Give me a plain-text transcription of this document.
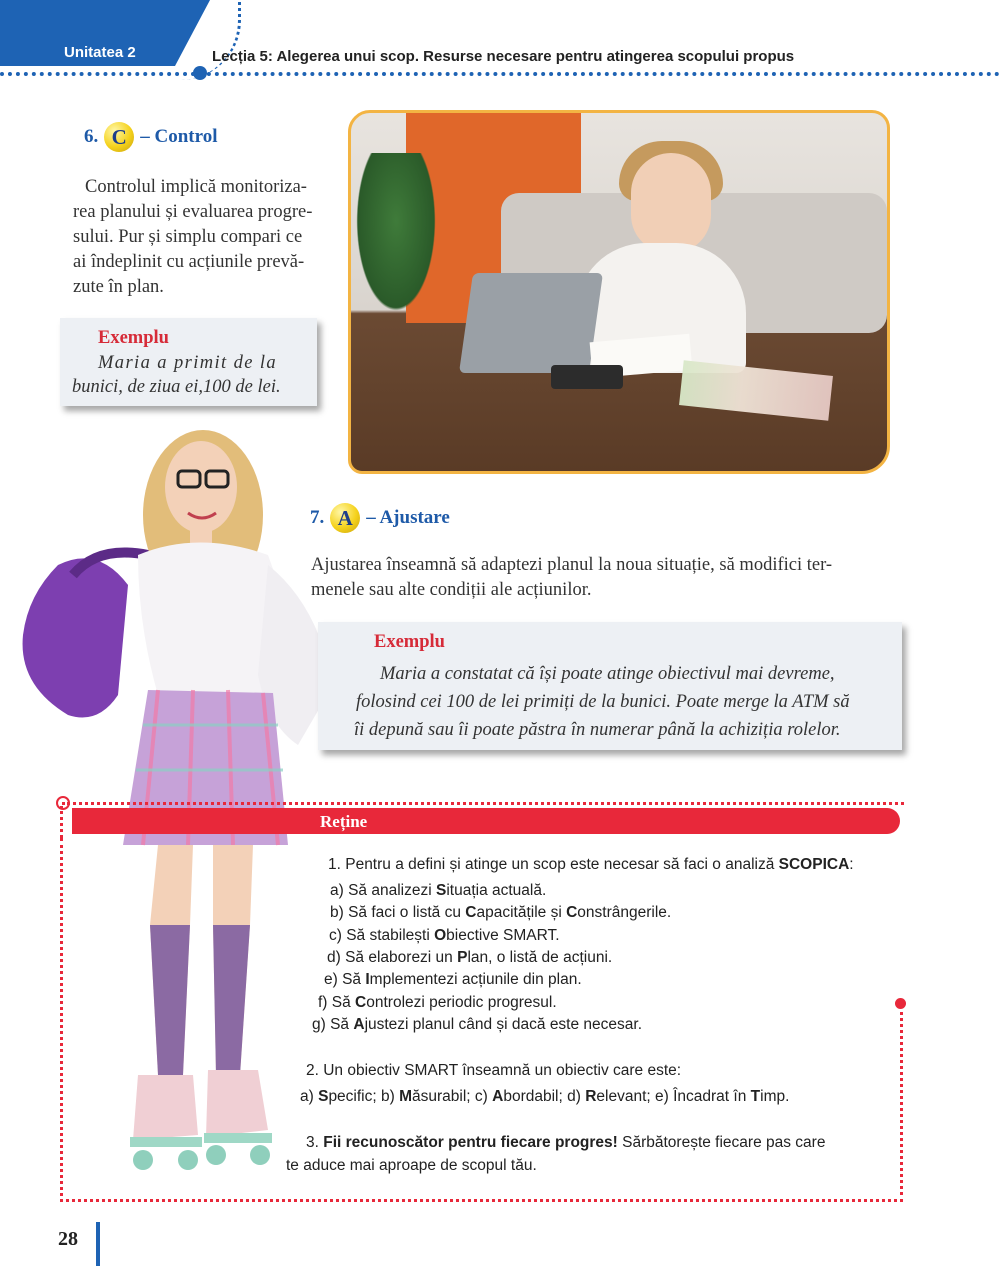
Unitatea 2	Lecția 5: Alegerea unui scop. Resurse necesare pentru atingerea scopului propus
6. C – Control
Controlul implică monitoriza-
rea planului și evaluarea progre-
sului. Pur și simplu compari ce
ai îndeplinit cu acțiunile prevă-
zute în plan.
Exemplu
Maria a primit de la
bunici, de ziua ei,100 de lei.
7. A – Ajustare
Ajustarea înseamnă să adaptezi planul la noua situație, să modifici ter-
menele sau alte condiții ale acțiunilor.
Exemplu
Maria a constatat că își poate atinge obiectivul mai devreme,
folosind cei 100 de lei primiți de la bunici. Poate merge la ATM să
îi depună sau îi poate păstra în numerar până la achiziția rolelor.
Reține
1. Pentru a defini și atinge un scop este necesar să faci o analiză SCOPICA:
a) Să analizezi Situația actuală.
b) Să faci o listă cu Capacitățile și Constrângerile.
c) Să stabilești Obiective SMART.
d) Să elaborezi un Plan, o listă de acțiuni.
e) Să Implementezi acțiunile din plan.
f) Să Controlezi periodic progresul.
g) Să Ajustezi planul când și dacă este necesar.
2. Un obiectiv SMART înseamnă un obiectiv care este:
a) Specific; b) Măsurabil; c) Abordabil; d) Relevant; e) Încadrat în Timp.
3. Fii recunoscător pentru fiecare progres! Sărbătorește fiecare pas care
te aduce mai aproape de scopul tău.
28
